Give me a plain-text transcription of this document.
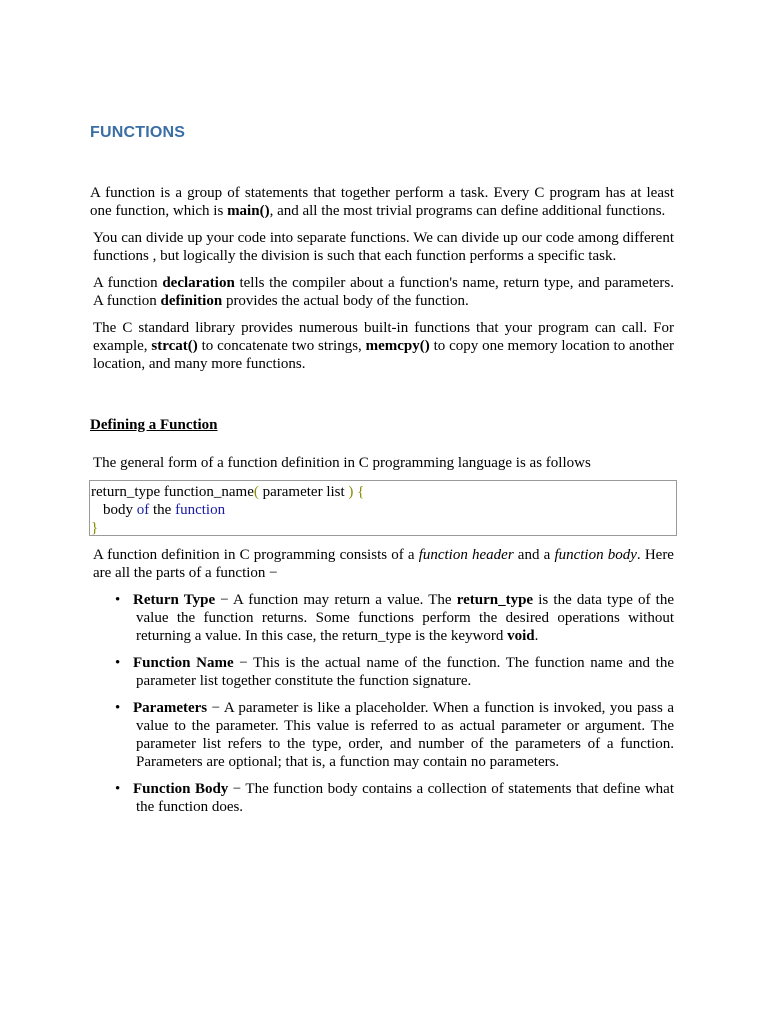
FUNCTIONS

A function is a group of statements that together perform a task. Every C program has at least one function, which is main(), and all the most trivial programs can define additional functions.

You can divide up your code into separate functions. We can divide up our code among different functions , but logically the division is such that each function performs a specific task.

A function declaration tells the compiler about a function's name, return type, and parameters. A function definition provides the actual body of the function.

The C standard library provides numerous built-in functions that your program can call. For example, strcat() to concatenate two strings, memcpy() to copy one memory location to another location, and many more functions.

Defining a Function

The general form of a function definition in C programming language is as follows

return_type function_name( parameter list ) {
body of the function
}

A function definition in C programming consists of a function header and a function body. Here are all the parts of a function −

• Return Type − A function may return a value. The return_type is the data type of the value the function returns. Some functions perform the desired operations without returning a value. In this case, the return_type is the keyword void.
• Function Name − This is the actual name of the function. The function name and the parameter list together constitute the function signature.
• Parameters − A parameter is like a placeholder. When a function is invoked, you pass a value to the parameter. This value is referred to as actual parameter or argument. The parameter list refers to the type, order, and number of the parameters of a function. Parameters are optional; that is, a function may contain no parameters.
• Function Body − The function body contains a collection of statements that define what the function does.
